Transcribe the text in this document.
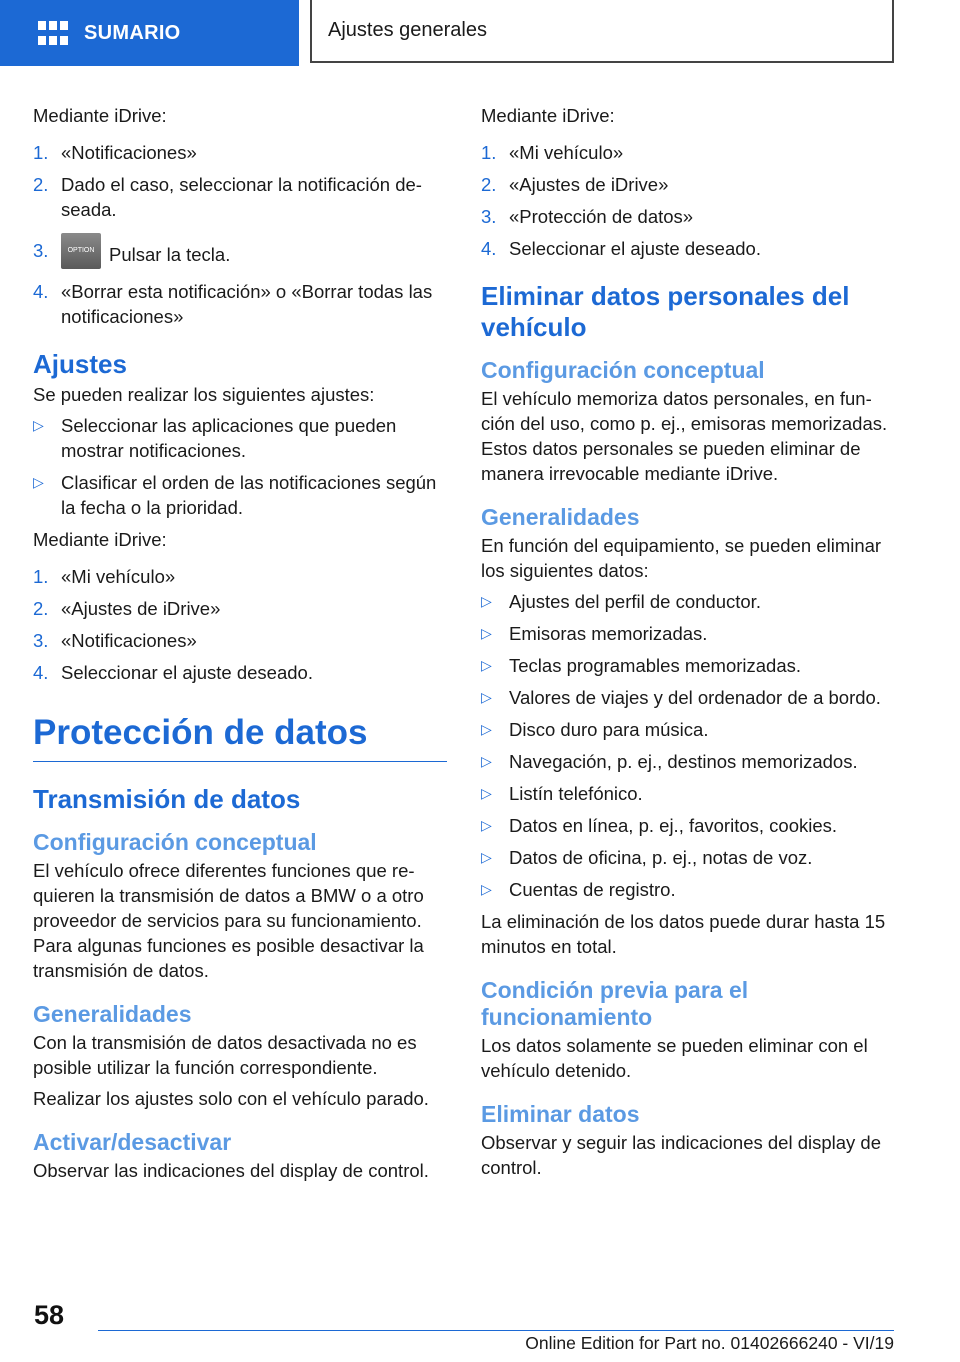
SUMARIO	Ajustes generales

Mediante iDrive:

1. «Notificaciones»
2. Dado el caso, seleccionar la notificación de-seada.
3.	OPTION Pulsar la tecla.
4. «Borrar esta notificación» o «Borrar todas las notificaciones»
Ajustes

Se pueden realizar los siguientes ajustes:

▷ Seleccionar las aplicaciones que pueden mostrar notificaciones.
▷ Clasificar el orden de las notificaciones según la fecha o la prioridad.

Mediante iDrive:

1. «Mi vehículo»
2. «Ajustes de iDrive»
3. «Notificaciones»
4. Seleccionar el ajuste deseado.
Protección de datos
Transmisión de datos
Configuración conceptual

El vehículo ofrece diferentes funciones que re-quieren la transmisión de datos a BMW o a otro proveedor de servicios para su funcionamiento. Para algunas funciones es posible desactivar la transmisión de datos.

Generalidades

Con la transmisión de datos desactivada no es posible utilizar la función correspondiente.

Realizar los ajustes solo con el vehículo parado.

Activar/desactivar

Observar las indicaciones del display de control.

Mediante iDrive:

1. «Mi vehículo»
2. «Ajustes de iDrive»
3. «Protección de datos»
4. Seleccionar el ajuste deseado.
Eliminar datos personales del vehículo
Configuración conceptual

El vehículo memoriza datos personales, en fun-ción del uso, como p. ej., emisoras memorizadas. Estos datos personales se pueden eliminar de manera irrevocable mediante iDrive.

Generalidades

En función del equipamiento, se pueden eliminar los siguientes datos:

▷ Ajustes del perfil de conductor.
▷ Emisoras memorizadas.
▷ Teclas programables memorizadas.
▷ Valores de viajes y del ordenador de a bordo.
▷ Disco duro para música.
▷ Navegación, p. ej., destinos memorizados.
▷ Listín telefónico.
▷ Datos en línea, p. ej., favoritos, cookies.
▷ Datos de oficina, p. ej., notas de voz.
▷ Cuentas de registro.

La eliminación de los datos puede durar hasta 15 minutos en total.

Condición previa para el funcionamiento

Los datos solamente se pueden eliminar con el vehículo detenido.

Eliminar datos

Observar y seguir las indicaciones del display de control.

58
Online Edition for Part no. 01402666240 - VI/19
